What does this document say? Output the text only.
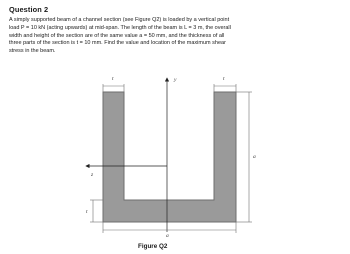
Question 2
A simply supported beam of a channel section (see Figure Q2) is loaded by a vertical point
load P = 10 kN (acting upwards) at mid-span. The length of the beam is L = 3 m, the overall
width and height of the section are of the same value a = 50 mm, and the thickness of all
three parts of the section is t = 10 mm. Find the value and location of the maximum shear
stress in the beam.
t	t
y
z
a
t
a
Figure Q2
